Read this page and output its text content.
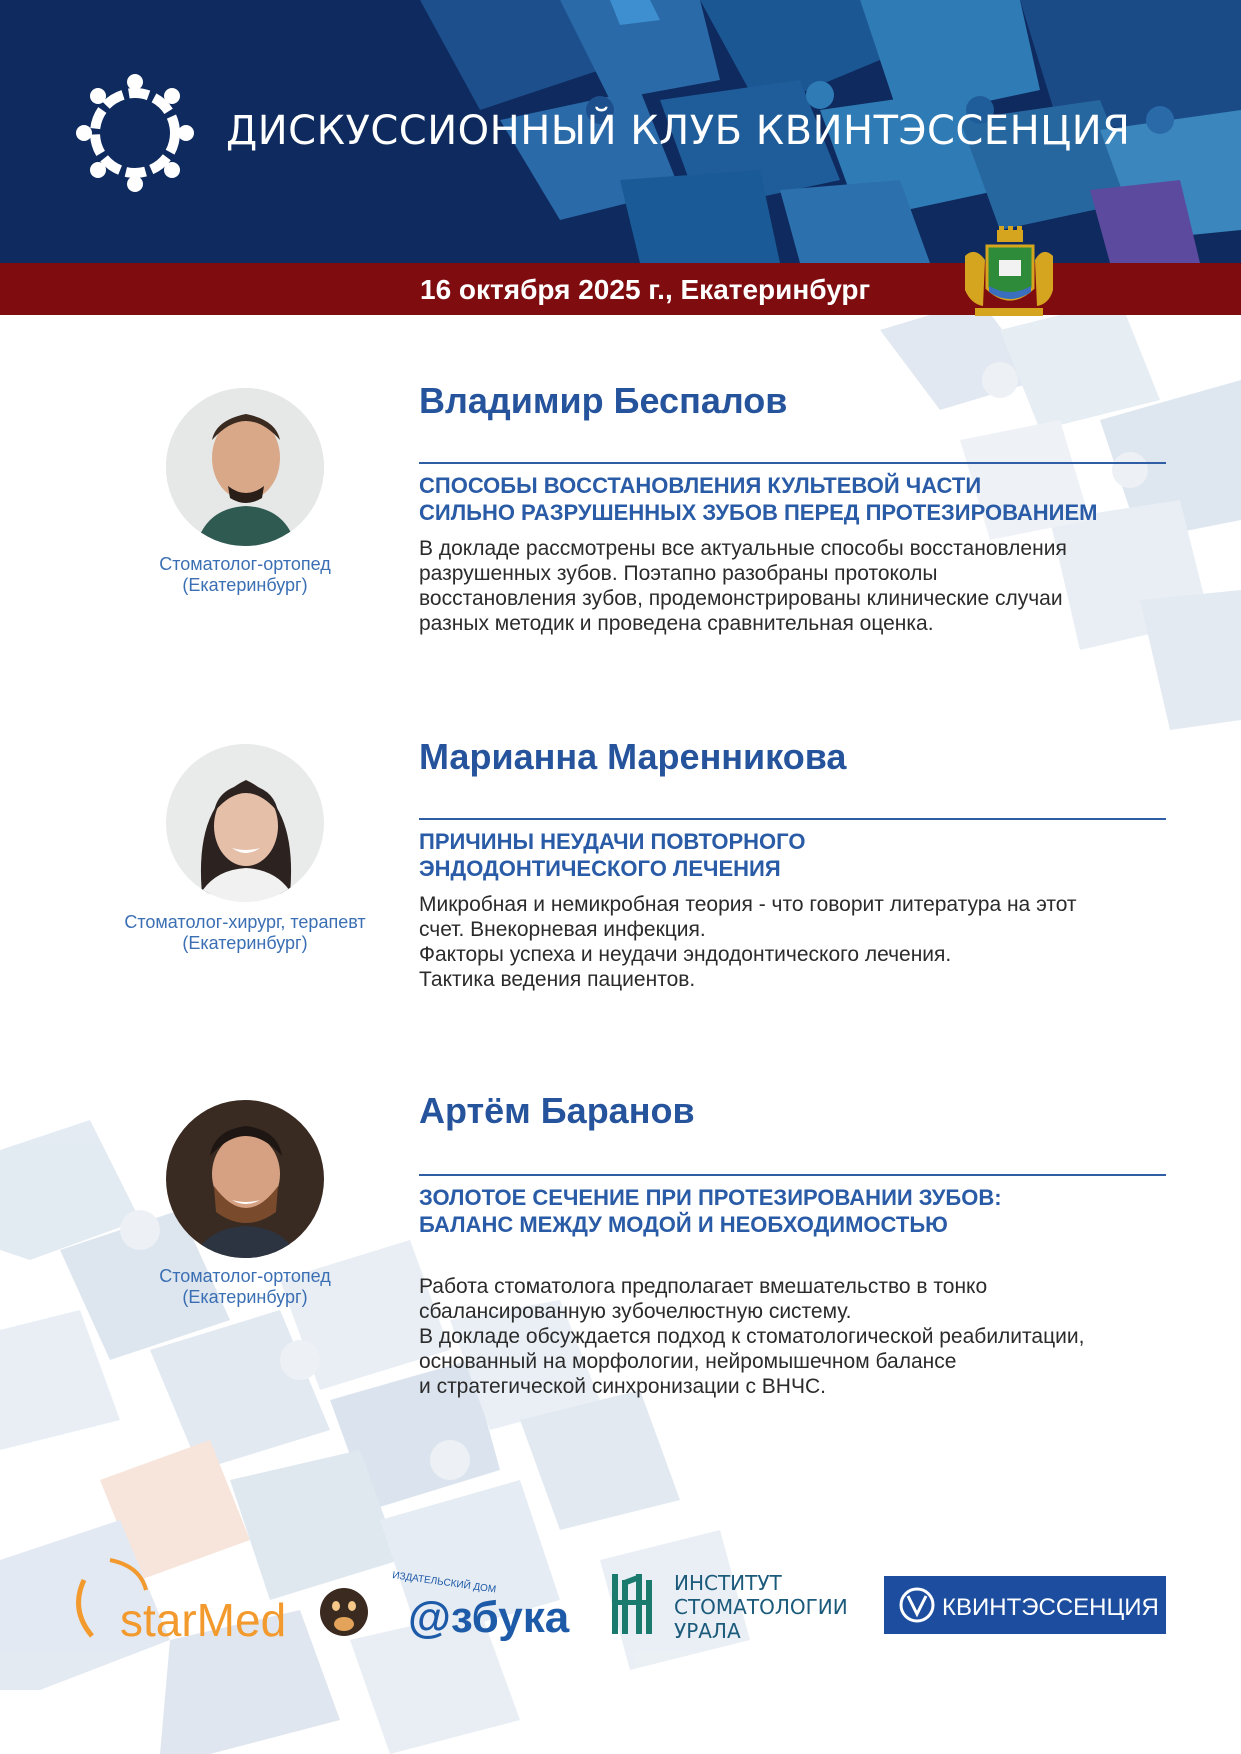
ДИСКУССИОННЫЙ КЛУБ КВИНТЭССЕНЦИЯ
16 октября 2025 г., Екатеринбург
Стоматолог-ортопед
(Екатеринбург)
Владимир Беспалов
СПОСОБЫ ВОССТАНОВЛЕНИЯ КУЛЬТЕВОЙ ЧАСТИ
СИЛЬНО РАЗРУШЕННЫХ ЗУБОВ ПЕРЕД ПРОТЕЗИРОВАНИЕМ
В докладе рассмотрены все актуальные способы восстановления
разрушенных зубов. Поэтапно разобраны протоколы
восстановления зубов, продемонстрированы клинические случаи
разных методик и проведена сравнительная оценка.
Стоматолог-хирург, терапевт
(Екатеринбург)
Марианна Маренникова
ПРИЧИНЫ НЕУДАЧИ ПОВТОРНОГО
ЭНДОДОНТИЧЕСКОГО ЛЕЧЕНИЯ
Микробная и немикробная теория - что говорит литература на этот
счет. Внекорневая инфекция.
Факторы успеха и неудачи эндодонтического лечения.
Тактика ведения пациентов.
Стоматолог-ортопед
(Екатеринбург)
Артём Баранов
ЗОЛОТОЕ СЕЧЕНИЕ ПРИ ПРОТЕЗИРОВАНИИ ЗУБОВ:
БАЛАНС МЕЖДУ МОДОЙ И НЕОБХОДИМОСТЬЮ
Работа стоматолога предполагает вмешательство в тонко
сбалансированную зубочелюстную систему.
В докладе обсуждается подход к стоматологической реабилитации,
основанный на морфологии, нейромышечном балансе
и стратегической синхронизации с ВНЧС.
starMed
ИЗДАТЕЛЬСКИЙ ДОМ
@збука
ИНСТИТУТ
СТОМАТОЛОГИИ
УРАЛА
КВИНТЭССЕНЦИЯ
